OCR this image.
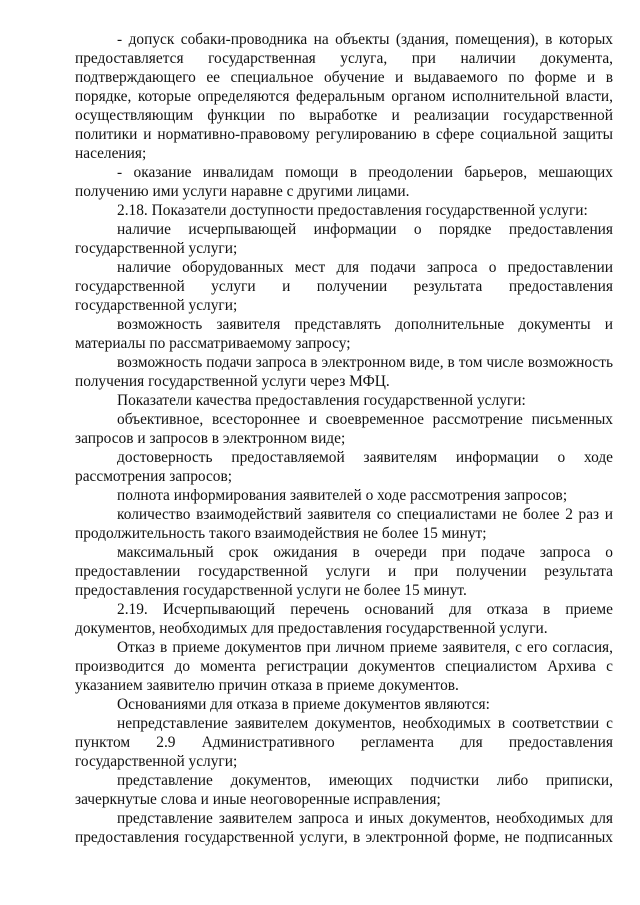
- допуск собаки-проводника на объекты (здания, помещения), в которых предоставляется государственная услуга, при наличии документа, подтверждающего ее специальное обучение и выдаваемого по форме и в порядке, которые определяются федеральным органом исполнительной власти, осуществляющим функции по выработке и реализации государственной политики и нормативно-правовому регулированию в сфере социальной защиты населения;

- оказание инвалидам помощи в преодолении барьеров, мешающих получению ими услуги наравне с другими лицами.

2.18. Показатели доступности предоставления государственной услуги:

наличие исчерпывающей информации о порядке предоставления государственной услуги;

наличие оборудованных мест для подачи запроса о предоставлении государственной услуги и получении результата предоставления государственной услуги;

возможность заявителя представлять дополнительные документы и материалы по рассматриваемому запросу;

возможность подачи запроса в электронном виде, в том числе возможность получения государственной услуги через МФЦ.

Показатели качества предоставления государственной услуги:

объективное, всестороннее и своевременное рассмотрение письменных запросов и запросов в электронном виде;

достоверность предоставляемой заявителям информации о ходе рассмотрения запросов;

полнота информирования заявителей о ходе рассмотрения запросов;

количество взаимодействий заявителя со специалистами не более 2 раз и продолжительность такого взаимодействия не более 15 минут;

максимальный срок ожидания в очереди при подаче запроса о предоставлении государственной услуги и при получении результата предоставления государственной услуги не более 15 минут.

2.19. Исчерпывающий перечень оснований для отказа в приеме документов, необходимых для предоставления государственной услуги.

Отказ в приеме документов при личном приеме заявителя, с его согласия, производится до момента регистрации документов специалистом Архива с указанием заявителю причин отказа в приеме документов.

Основаниями для отказа в приеме документов являются:

непредставление заявителем документов, необходимых в соответствии с пунктом 2.9 Административного регламента для предоставления государственной услуги;

представление документов, имеющих подчистки либо приписки, зачеркнутые слова и иные неоговоренные исправления;

представление заявителем запроса и иных документов, необходимых для предоставления государственной услуги, в электронной форме, не подписанных
